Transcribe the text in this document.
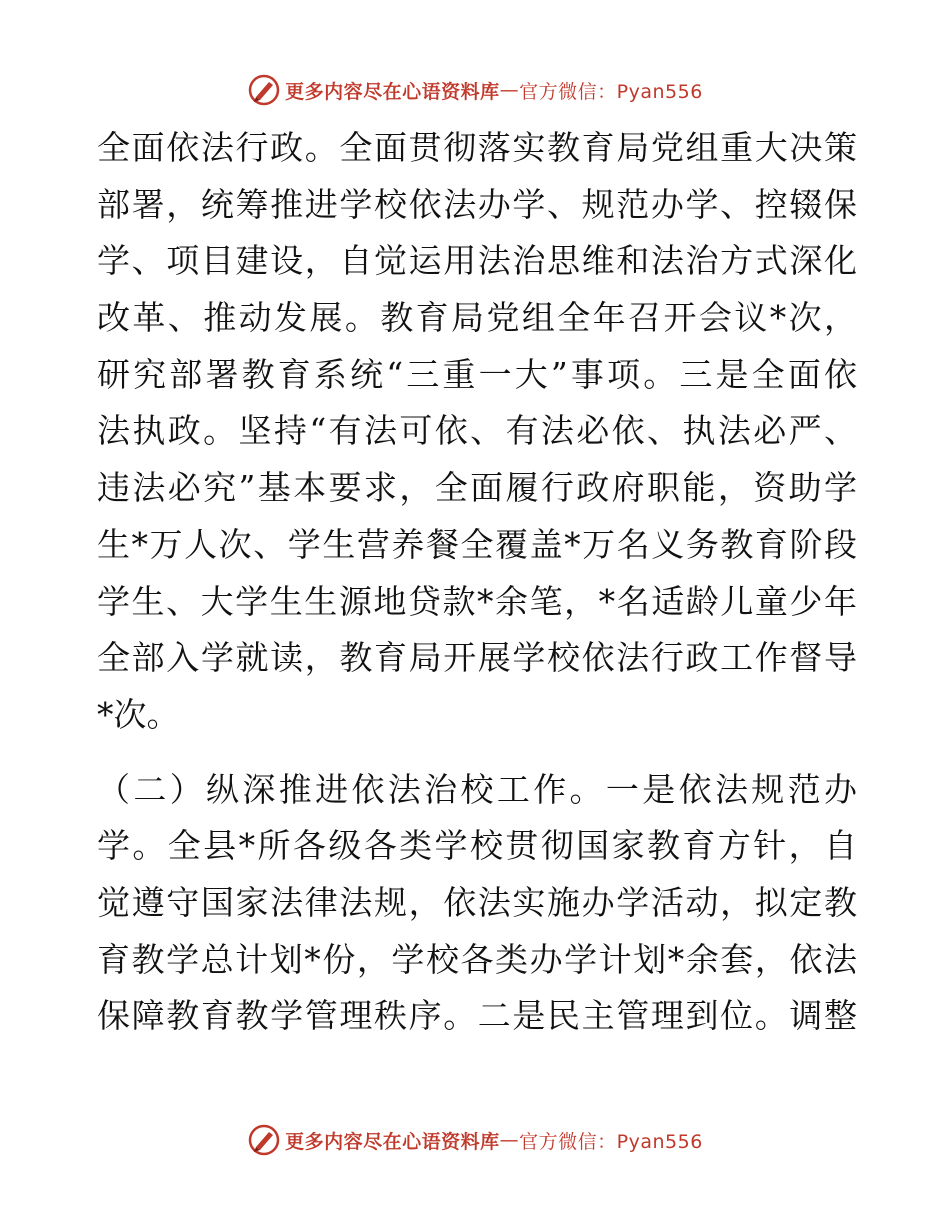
更多内容尽在心语资料库 — 官方微信：Pyan556
全面依法行政。全面贯彻落实教育局党组重大决策
部署，统筹推进学校依法办学、规范办学、控辍保
学、项目建设，自觉运用法治思维和法治方式深化
改革、推动发展。教育局党组全年召开会议*次，
研究部署教育系统“三重一大”事项。三是全面依
法执政。坚持“有法可依、有法必依、执法必严、
违法必究”基本要求，全面履行政府职能，资助学
生*万人次、学生营养餐全覆盖*万名义务教育阶段
学生、大学生生源地贷款*余笔，*名适龄儿童少年
全部入学就读，教育局开展学校依法行政工作督导
*次。
（二）纵深推进依法治校工作。一是依法规范办
学。全县*所各级各类学校贯彻国家教育方针，自
觉遵守国家法律法规，依法实施办学活动，拟定教
育教学总计划*份，学校各类办学计划*余套，依法
保障教育教学管理秩序。二是民主管理到位。调整
更多内容尽在心语资料库 — 官方微信：Pyan556
